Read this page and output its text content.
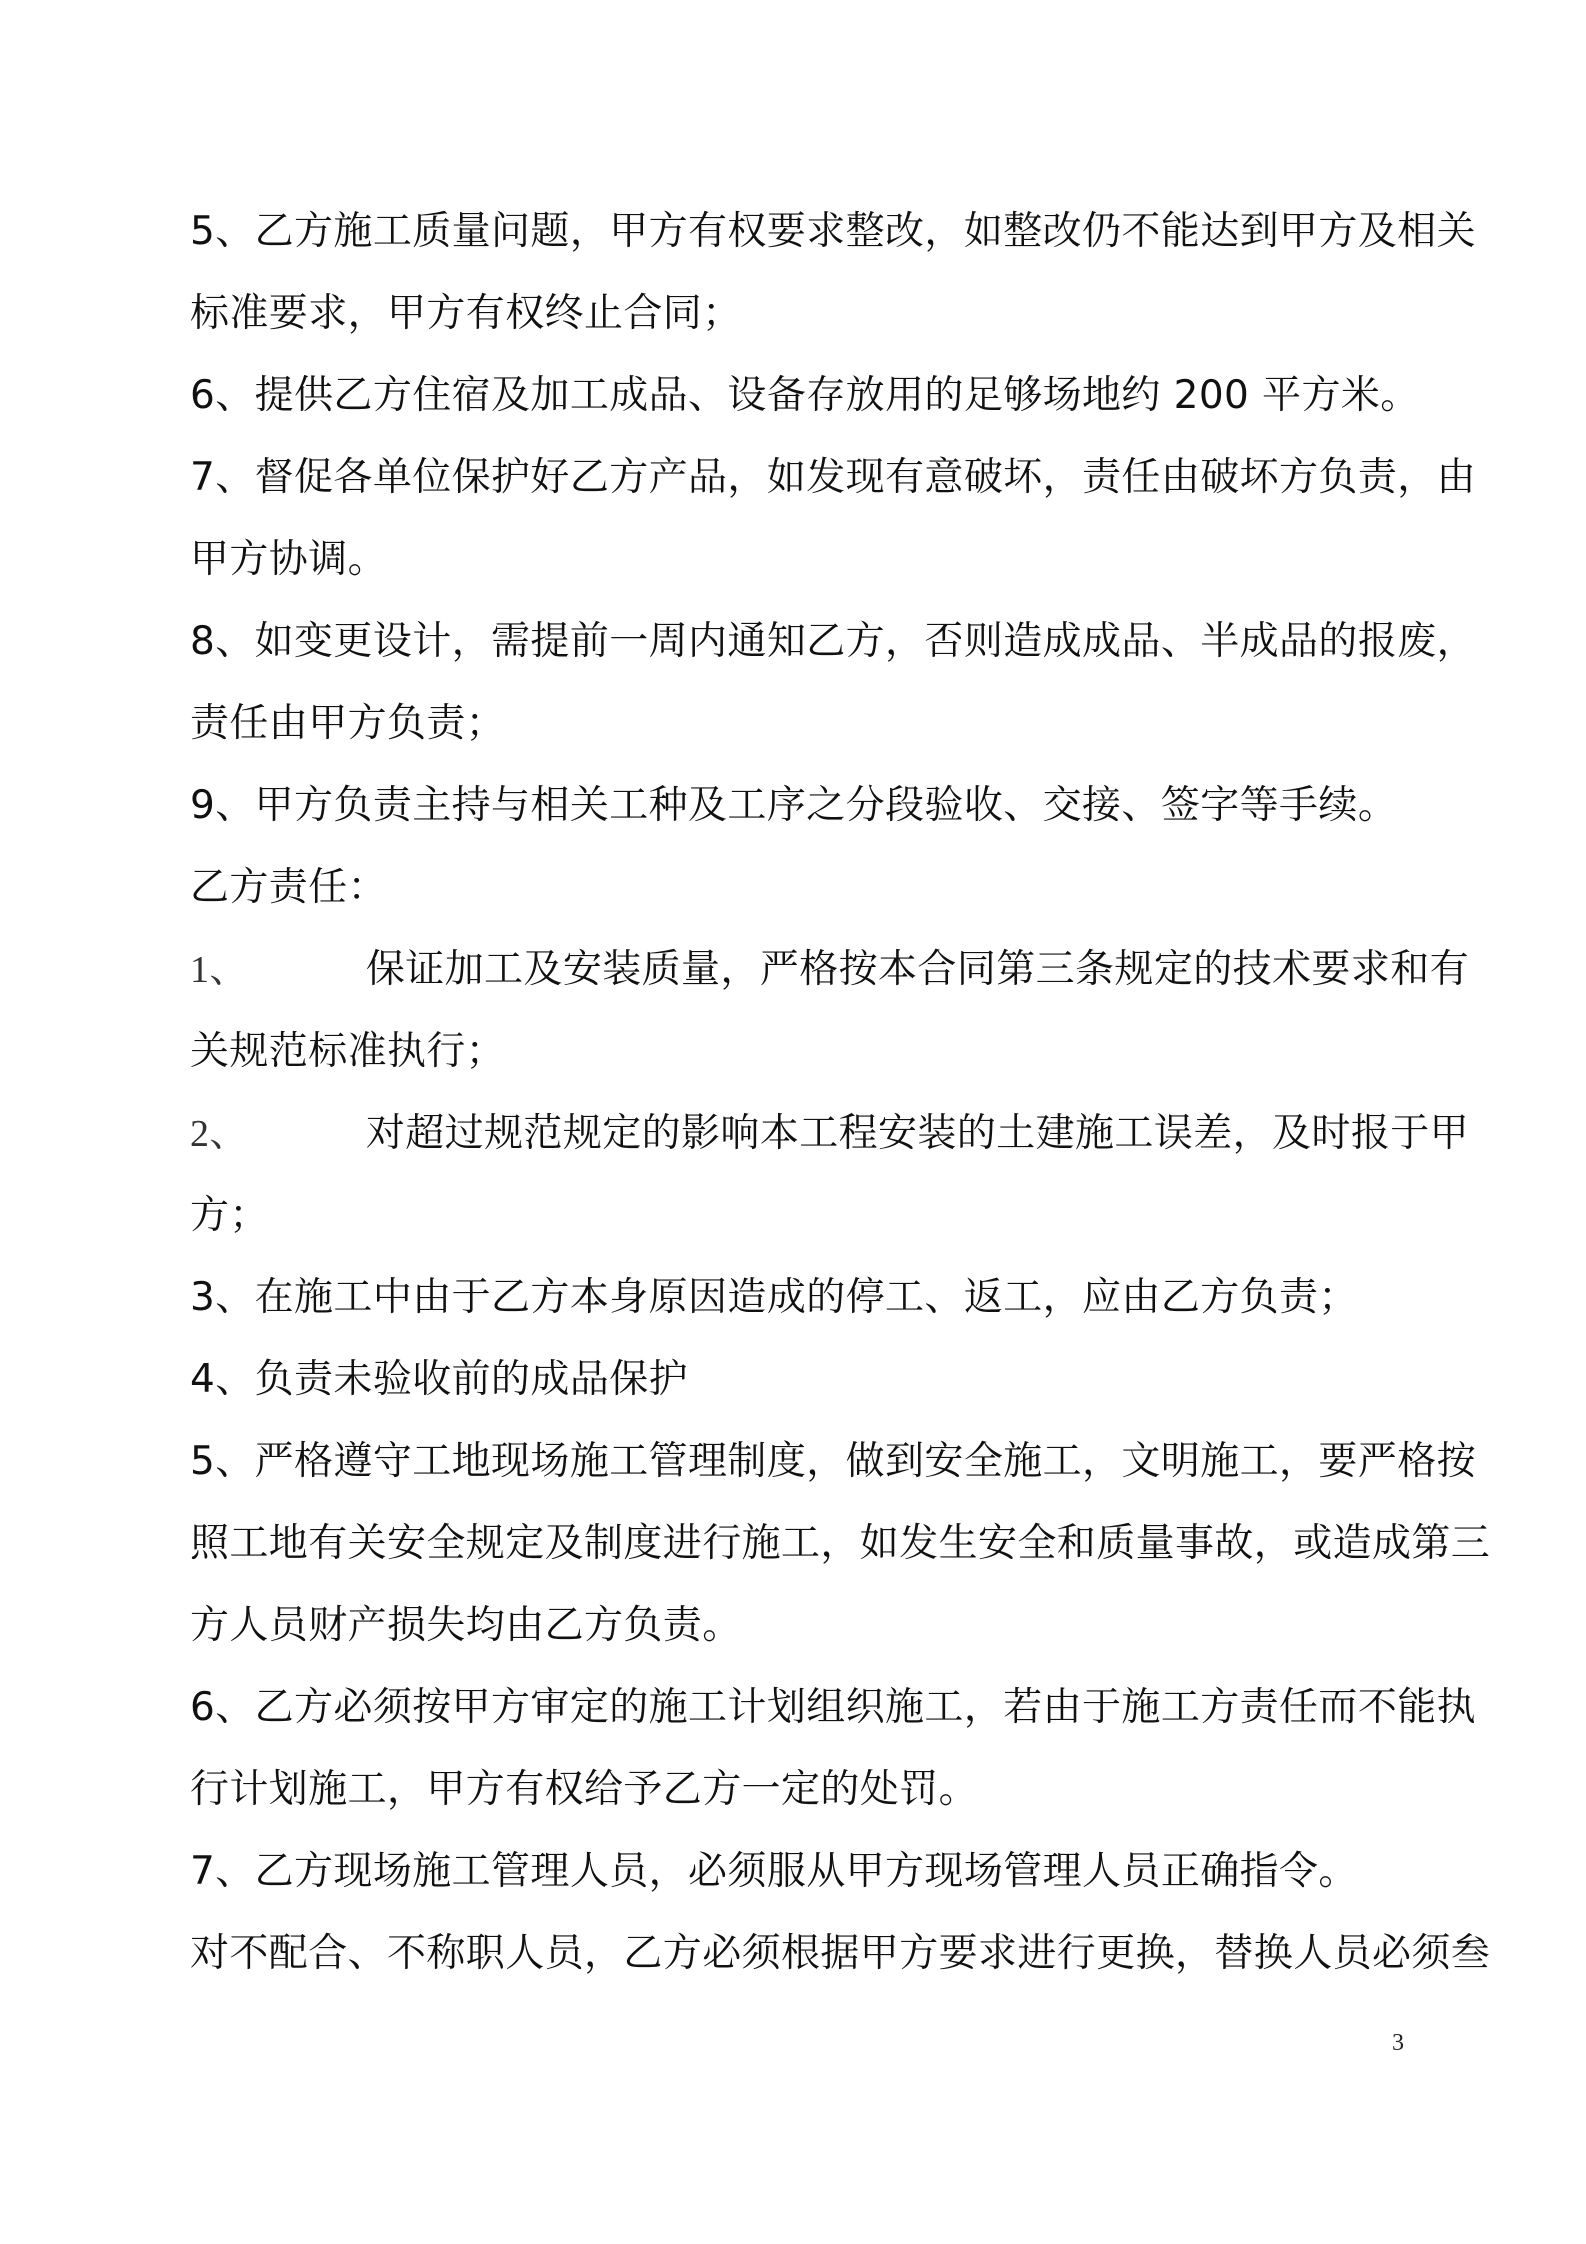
5、乙方施工质量问题，甲方有权要求整改，如整改仍不能达到甲方及相关
标准要求，甲方有权终止合同；
6、提供乙方住宿及加工成品、设备存放用的足够场地约 200 平方米。
7、督促各单位保护好乙方产品，如发现有意破坏，责任由破坏方负责，由
甲方协调。
8、如变更设计，需提前一周内通知乙方，否则造成成品、半成品的报废，
责任由甲方负责；
9、甲方负责主持与相关工种及工序之分段验收、交接、签字等手续。
乙方责任：
1、	保证加工及安装质量，严格按本合同第三条规定的技术要求和有
关规范标准执行；
2、	对超过规范规定的影响本工程安装的土建施工误差，及时报于甲
方；
3、在施工中由于乙方本身原因造成的停工、返工，应由乙方负责；
4、负责未验收前的成品保护
5、严格遵守工地现场施工管理制度，做到安全施工，文明施工，要严格按
照工地有关安全规定及制度进行施工，如发生安全和质量事故，或造成第三
方人员财产损失均由乙方负责。
6、乙方必须按甲方审定的施工计划组织施工，若由于施工方责任而不能执
行计划施工，甲方有权给予乙方一定的处罚。
7、乙方现场施工管理人员，必须服从甲方现场管理人员正确指令。
对不配合、不称职人员，乙方必须根据甲方要求进行更换，替换人员必须叁
3
